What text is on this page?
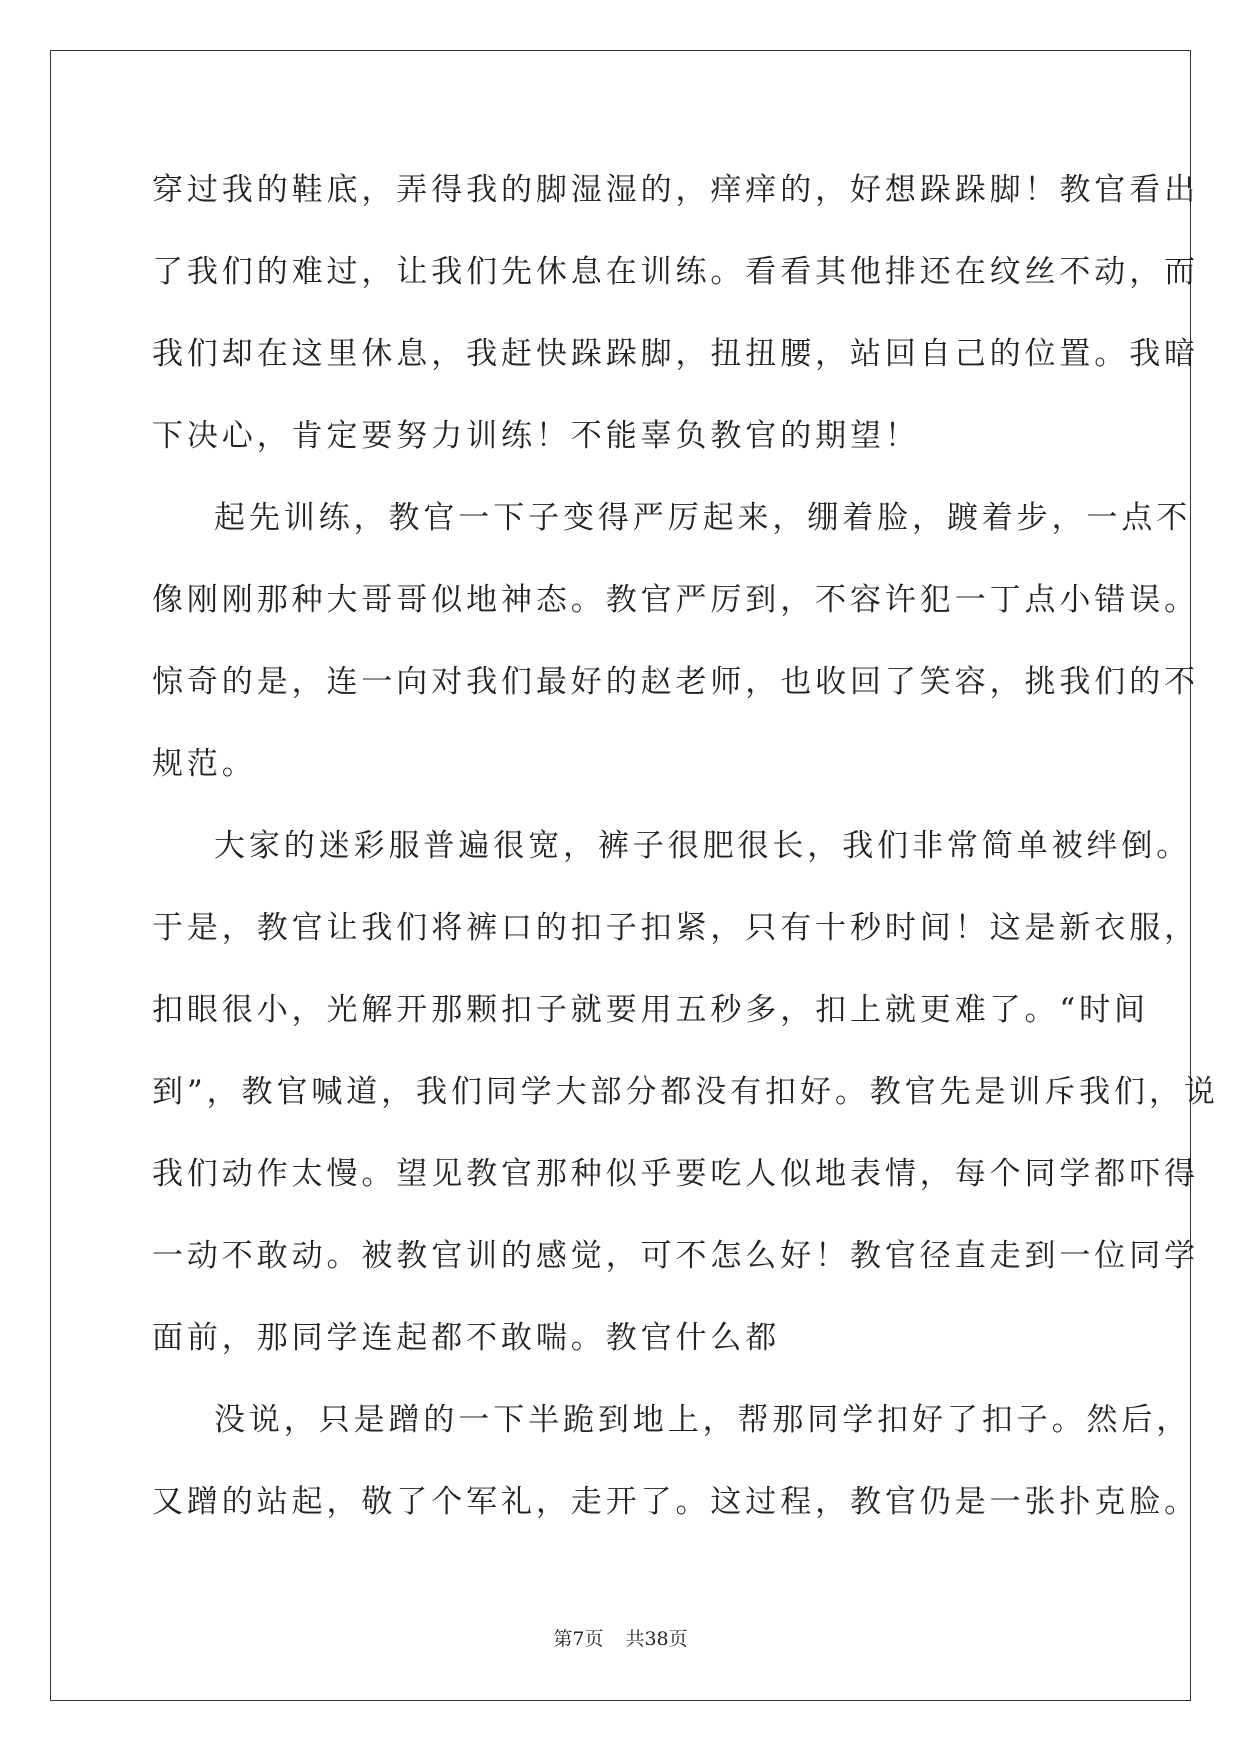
穿过我的鞋底，弄得我的脚湿湿的，痒痒的，好想跺跺脚！教官看出
了我们的难过，让我们先休息在训练。看看其他排还在纹丝不动，而
我们却在这里休息，我赶快跺跺脚，扭扭腰，站回自己的位置。我暗
下决心，肯定要努力训练！不能辜负教官的期望！
起先训练，教官一下子变得严厉起来，绷着脸，踱着步，一点不
像刚刚那种大哥哥似地神态。教官严厉到，不容许犯一丁点小错误。
惊奇的是，连一向对我们最好的赵老师，也收回了笑容，挑我们的不
规范。
大家的迷彩服普遍很宽，裤子很肥很长，我们非常简单被绊倒。
于是，教官让我们将裤口的扣子扣紧，只有十秒时间！这是新衣服，
扣眼很小，光解开那颗扣子就要用五秒多，扣上就更难了。“时间
到”，教官喊道，我们同学大部分都没有扣好。教官先是训斥我们，说
我们动作太慢。望见教官那种似乎要吃人似地表情，每个同学都吓得
一动不敢动。被教官训的感觉，可不怎么好！教官径直走到一位同学
面前，那同学连起都不敢喘。教官什么都
没说，只是蹭的一下半跪到地上，帮那同学扣好了扣子。然后，
又蹭的站起，敬了个军礼，走开了。这过程，教官仍是一张扑克脸。
第7页 共38页
